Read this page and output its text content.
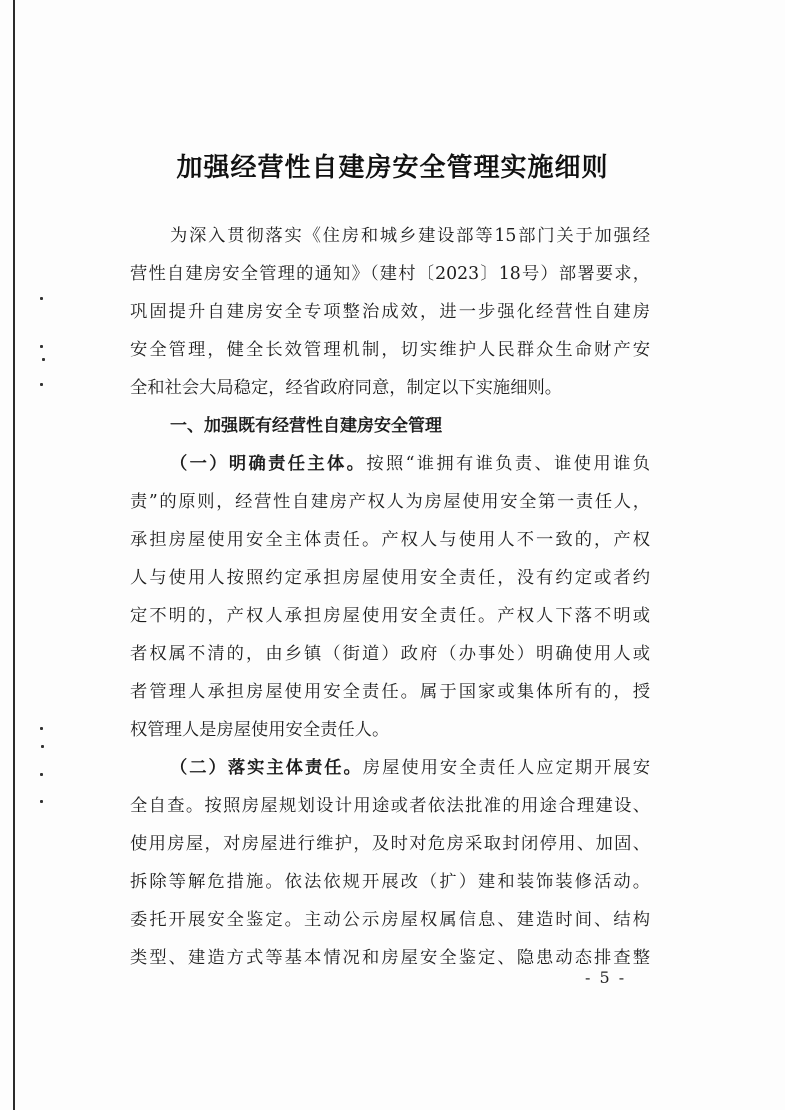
加强经营性自建房安全管理实施细则
为深入贯彻落实《住房和城乡建设部等15部门关于加强经
营性自建房安全管理的通知》（建村〔2023〕18号）部署要求，
巩固提升自建房安全专项整治成效，进一步强化经营性自建房
安全管理，健全长效管理机制，切实维护人民群众生命财产安
全和社会大局稳定，经省政府同意，制定以下实施细则。
一、加强既有经营性自建房安全管理
（一）明确责任主体。按照“谁拥有谁负责、谁使用谁负
责”的原则，经营性自建房产权人为房屋使用安全第一责任人，
承担房屋使用安全主体责任。产权人与使用人不一致的，产权
人与使用人按照约定承担房屋使用安全责任，没有约定或者约
定不明的，产权人承担房屋使用安全责任。产权人下落不明或
者权属不清的，由乡镇（街道）政府（办事处）明确使用人或
者管理人承担房屋使用安全责任。属于国家或集体所有的，授
权管理人是房屋使用安全责任人。
（二）落实主体责任。房屋使用安全责任人应定期开展安
全自查。按照房屋规划设计用途或者依法批准的用途合理建设、
使用房屋，对房屋进行维护，及时对危房采取封闭停用、加固、
拆除等解危措施。依法依规开展改（扩）建和装饰装修活动。
委托开展安全鉴定。主动公示房屋权属信息、建造时间、结构
类型、建造方式等基本情况和房屋安全鉴定、隐患动态排查整
- 5 -
